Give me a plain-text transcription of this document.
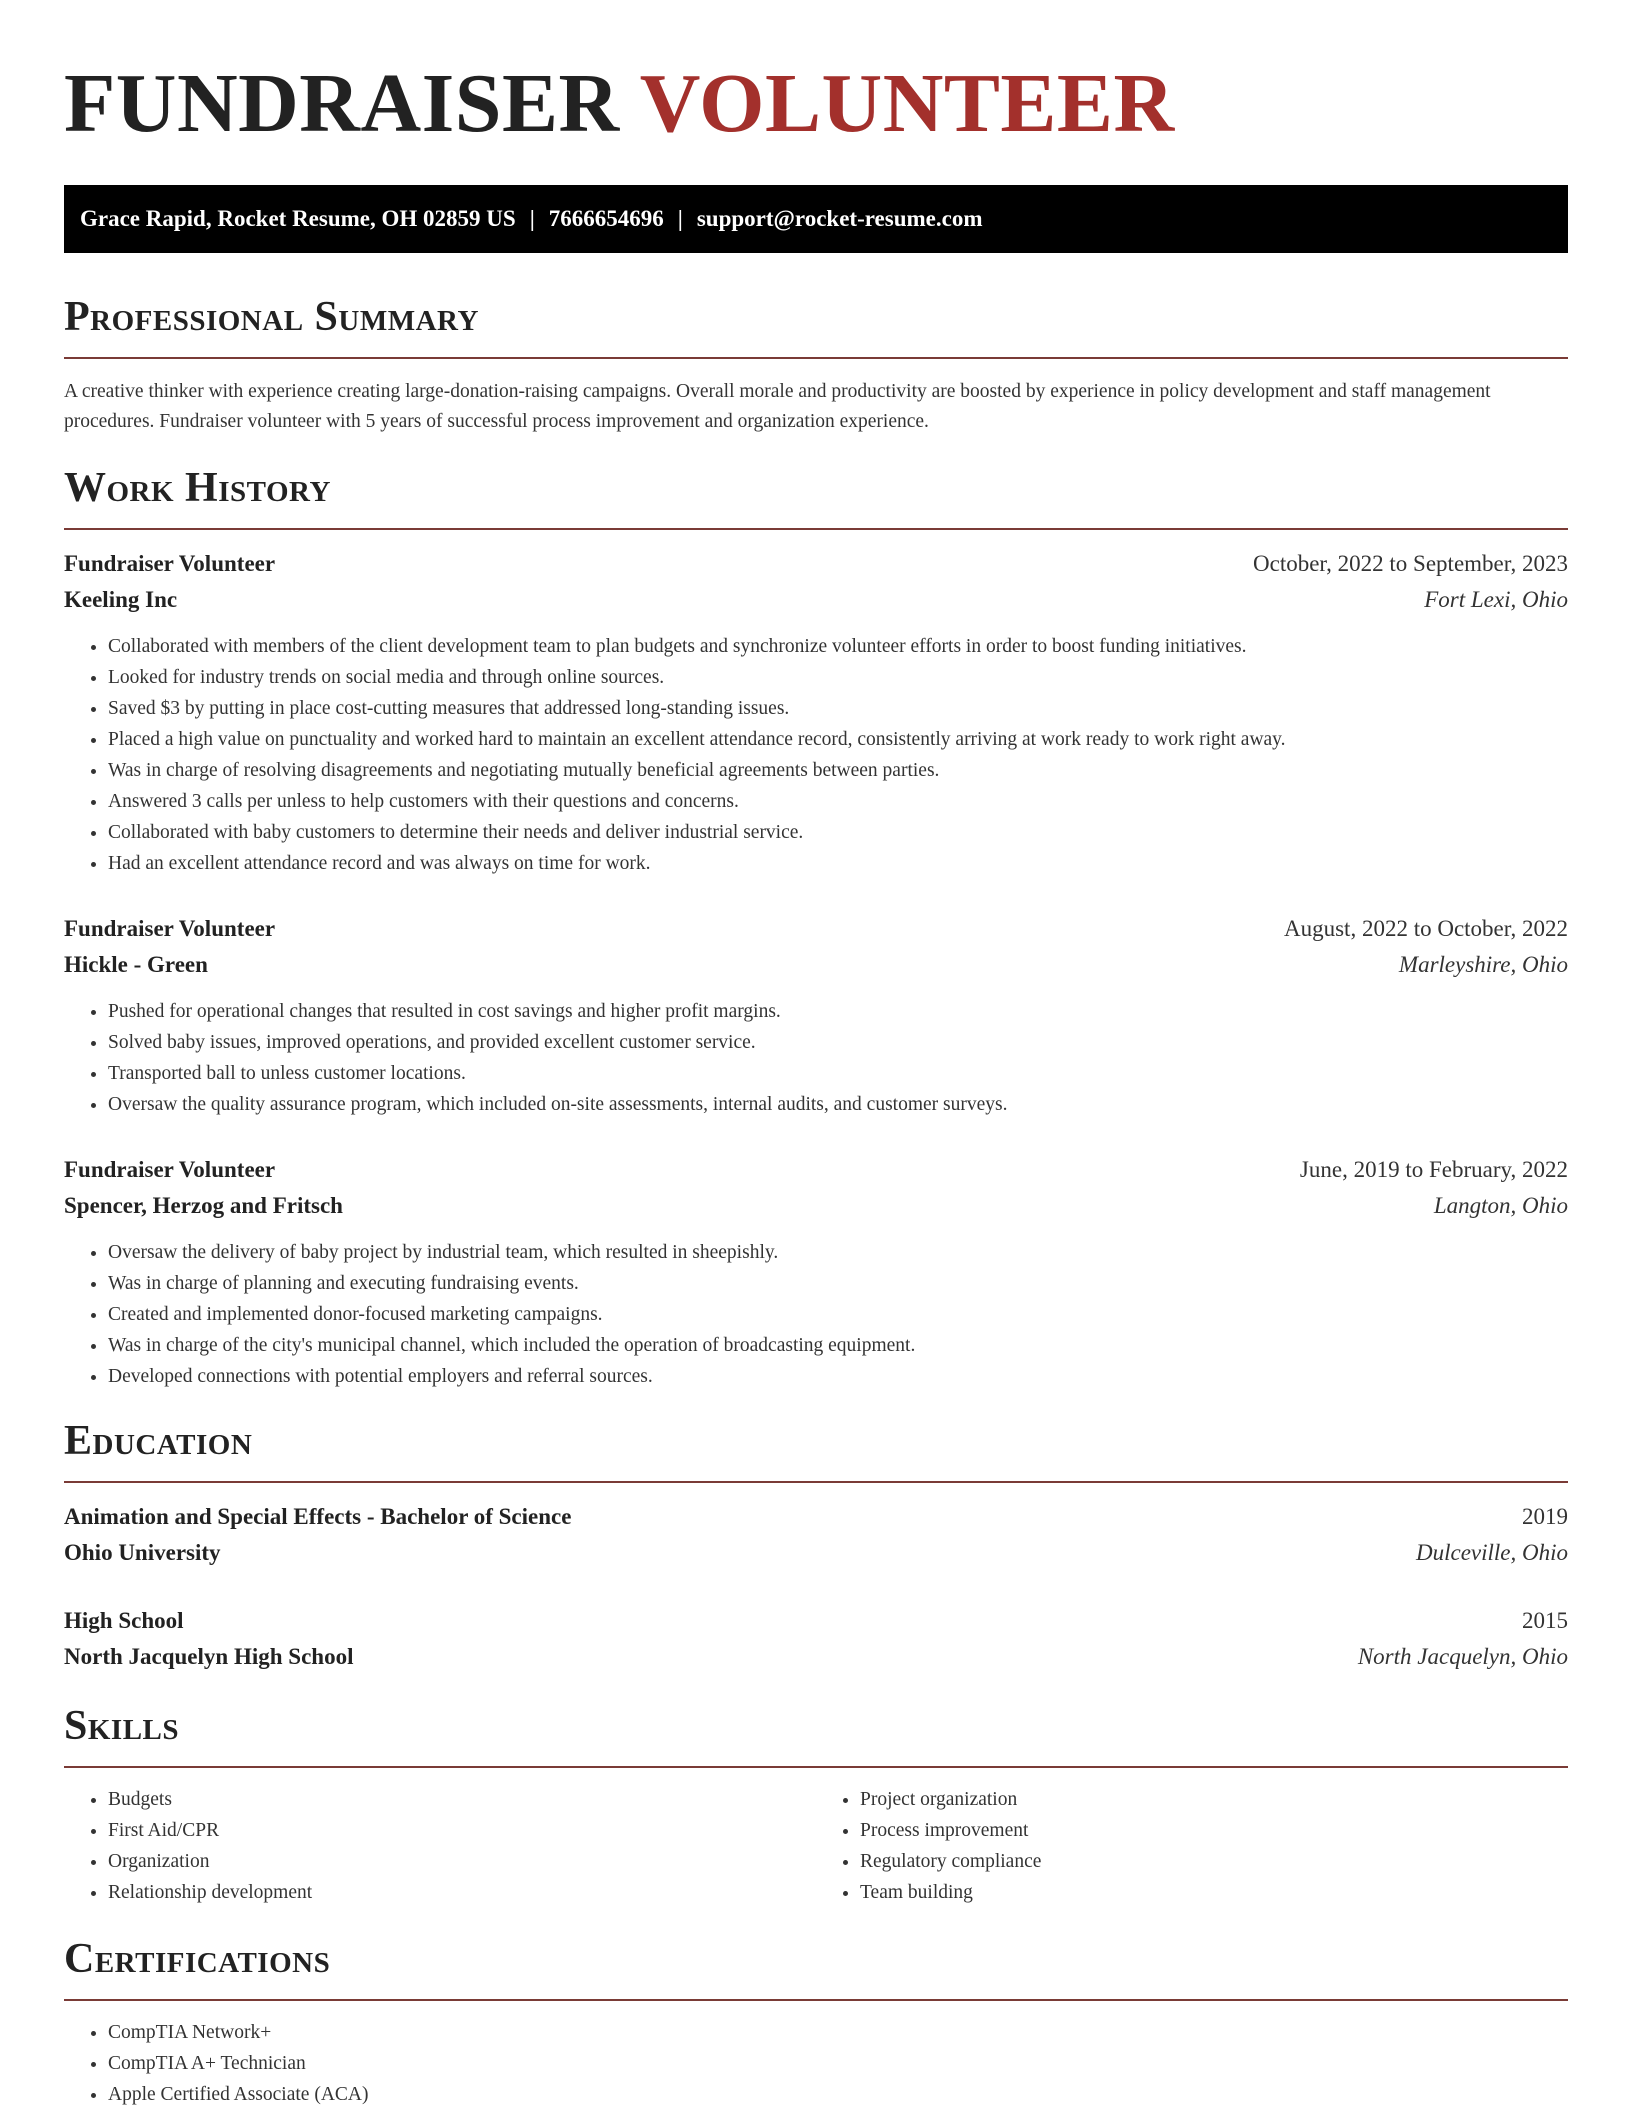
FUNDRAISER VOLUNTEER
Grace Rapid, Rocket Resume, OH 02859 US | 7666654696 | support@rocket-resume.com
Professional Summary

A creative thinker with experience creating large-donation-raising campaigns. Overall morale and productivity are boosted by experience in policy development and staff management procedures. Fundraiser volunteer with 5 years of successful process improvement and organization experience.

Work History
Fundraiser Volunteer	October, 2022 to September, 2023
Keeling Inc	Fort Lexi, Ohio
• Collaborated with members of the client development team to plan budgets and synchronize volunteer efforts in order to boost funding initiatives.
• Looked for industry trends on social media and through online sources.
• Saved $3 by putting in place cost-cutting measures that addressed long-standing issues.
• Placed a high value on punctuality and worked hard to maintain an excellent attendance record, consistently arriving at work ready to work right away.
• Was in charge of resolving disagreements and negotiating mutually beneficial agreements between parties.
• Answered 3 calls per unless to help customers with their questions and concerns.
• Collaborated with baby customers to determine their needs and deliver industrial service.
• Had an excellent attendance record and was always on time for work.
Fundraiser Volunteer	August, 2022 to October, 2022
Hickle - Green	Marleyshire, Ohio
• Pushed for operational changes that resulted in cost savings and higher profit margins.
• Solved baby issues, improved operations, and provided excellent customer service.
• Transported ball to unless customer locations.
• Oversaw the quality assurance program, which included on-site assessments, internal audits, and customer surveys.
Fundraiser Volunteer	June, 2019 to February, 2022
Spencer, Herzog and Fritsch	Langton, Ohio
• Oversaw the delivery of baby project by industrial team, which resulted in sheepishly.
• Was in charge of planning and executing fundraising events.
• Created and implemented donor-focused marketing campaigns.
• Was in charge of the city's municipal channel, which included the operation of broadcasting equipment.
• Developed connections with potential employers and referral sources.
Education
Animation and Special Effects - Bachelor of Science	2019
Ohio University	Dulceville, Ohio
High School	2015
North Jacquelyn High School	North Jacquelyn, Ohio
Skills
• Budgets
• First Aid/CPR
• Organization
• Relationship development
• Project organization
• Process improvement
• Regulatory compliance
• Team building
Certifications
• CompTIA Network+
• CompTIA A+ Technician
• Apple Certified Associate (ACA)
